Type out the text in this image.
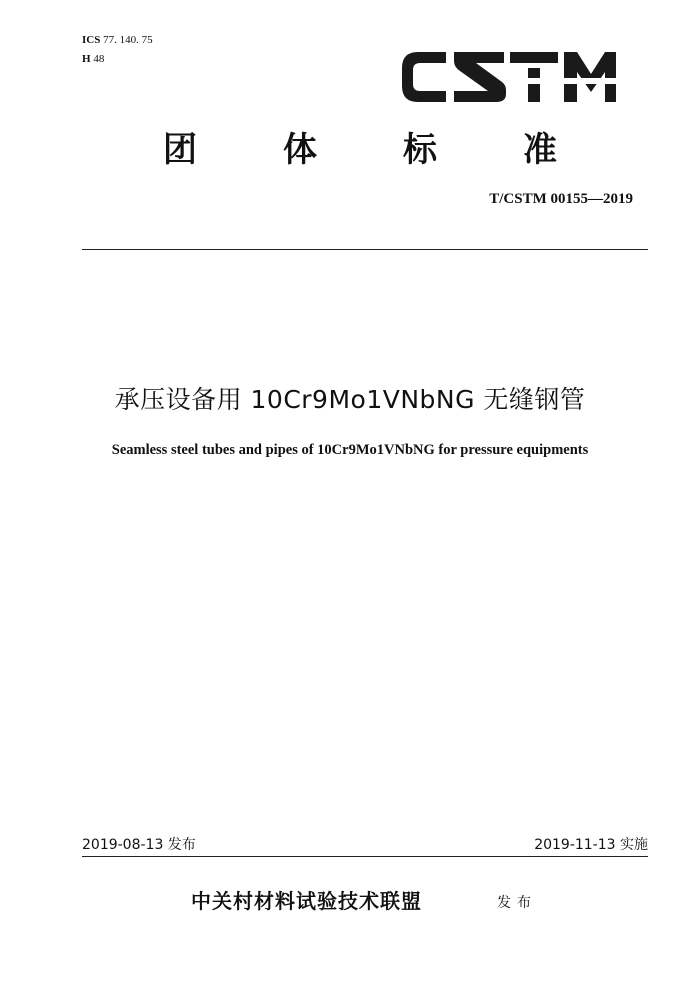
ICS 77. 140. 75
H 48
团	体	标	准
T/CSTM 00155—2019
承压设备用 10Cr9Mo1VNbNG 无缝钢管
Seamless steel tubes and pipes of 10Cr9Mo1VNbNG for pressure equipments
2019-08-13 发布	2019-11-13 实施
中关村材料试验技术联盟	发布
